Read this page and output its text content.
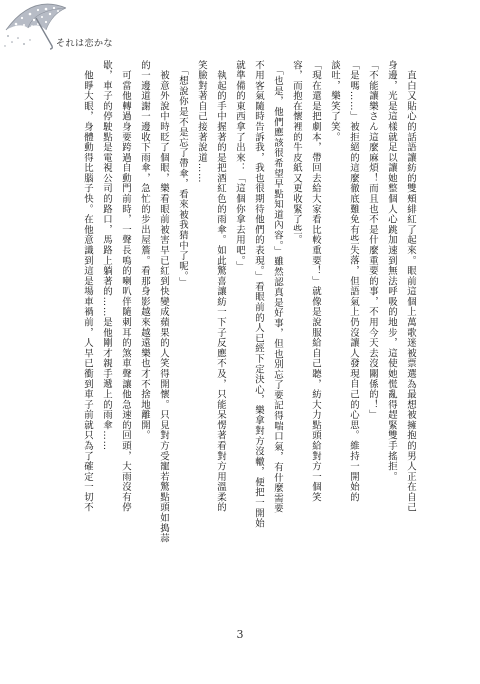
それは恋かな
　直白又貼心的話語讓紡的雙頰緋紅了起來。眼前這個上萬歌迷被票選為最想被擁抱的男人正在自己
身邊，光是這樣就足以讓她整個人心跳加速到無法呼吸的地步，這使她慌亂得趕緊雙手搖拒。
「不能讓樂さん這麼麻煩！而且也不是什麼重要的事，不用今天去沒關係的！」
「是嗎……」被拒絕的這麼徹底難免有些失落，但語氣上仍沒讓人發現自己的心思。維持一開始的
談吐，樂笑了笑。
「現在還是把劇本，帶回去給大家看比較重要！」就像是說服給自己聽，紡大力點頭給對方一個笑
容，而抱在懷裡的牛皮紙又更收緊了些。
　「也是，他們應該很希望早點知道內容。」雖然認真是好事，但也別忘了要記得喘口氣，有什麼需要
不用客氣隨時告訴我，我也很期待他們的表現。」看眼前的人已經下定決心，樂拿對方沒轍，便把一開始
就準備的東西拿了出來：「這個你拿去用吧。」
　執起的手中握著的是把酒紅色的雨傘。如此驚喜讓紡一下子反應不及，只能呆愣著看對方用溫柔的
笑臉對著自己接著說道……
　「想說你是不是忘了帶傘，看來被我猜中了呢。」
　被意外說中時眨了個眼，樂看眼前被害早已紅到快變成蘋果的人笑得開懷。只見對方受寵若驚點頭如搗蒜
的一邊道謝一邊收下雨傘，急忙的步出屋簷。看那身影越來越遠樂也才不捨地離開。
　可當他轉過身要跨過自動門前時，一聲長嗚的喇叭伴隨刺耳的煞車聲讓他急速的回頭，大雨沒有停
歇，車子的停駛點是電視公司的路口，馬路上躺著的……是他剛才親手遞上的雨傘……
　他睜大眼，身體動得比腦子快。在他意識到這是場車禍前，人早已衝到車子前就只為了確定一切不
3
